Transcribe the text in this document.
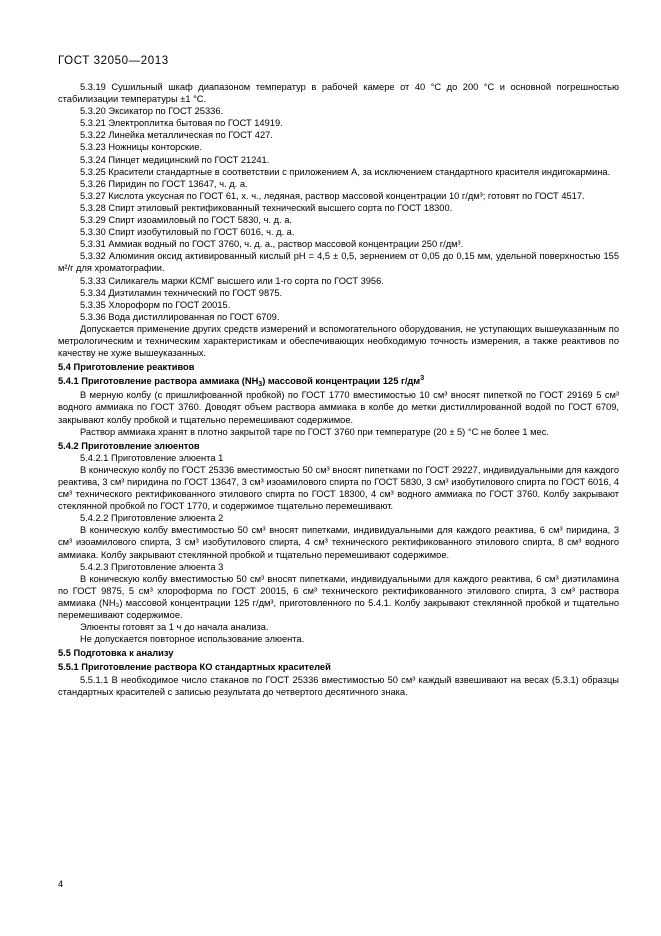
ГОСТ 32050—2013

5.3.19 Сушильный шкаф диапазоном температур в рабочей камере от 40 °С до 200 °С и основной погрешностью стабилизации температуры ±1 °С.

5.3.20 Эксикатор по ГОСТ 25336.

5.3.21 Электроплитка бытовая по ГОСТ 14919.

5.3.22 Линейка металлическая по ГОСТ 427.

5.3.23 Ножницы конторские.

5.3.24 Пинцет медицинский по ГОСТ 21241.

5.3.25 Красители стандартные в соответствии с приложением А, за исключением стандартного красителя индигокармина.

5.3.26 Пиридин по ГОСТ 13647, ч. д. а.

5.3.27 Кислота уксусная по ГОСТ 61, х. ч., ледяная, раствор массовой концентрации 10 г/дм³; готовят по ГОСТ 4517.

5.3.28 Спирт этиловый ректификованный технический высшего сорта по ГОСТ 18300.

5.3.29 Спирт изоамиловый по ГОСТ 5830, ч. д. а.

5.3.30 Спирт изобутиловый по ГОСТ 6016, ч. д. а.

5.3.31 Аммиак водный по ГОСТ 3760, ч. д. а., раствор массовой концентрации 250 г/дм³.

5.3.32 Алюминия оксид активированный кислый pH = 4,5 ± 0,5, зернением от 0,05 до 0,15 мм, удельной поверхностью 155 м²/г для хроматографии.

5.3.33 Силикагель марки КСМГ высшего или 1-го сорта по ГОСТ 3956.

5.3.34 Диэтиламин технический по ГОСТ 9875.

5.3.35 Хлороформ по ГОСТ 20015.

5.3.36 Вода дистиллированная по ГОСТ 6709.

Допускается применение других средств измерений и вспомогательного оборудования, не уступающих вышеуказанным по метрологическим и техническим характеристикам и обеспечивающих необходимую точность измерения, а также реактивов по качеству не хуже вышеуказанных.

5.4 Приготовление реактивов

5.4.1 Приготовление раствора аммиака $(NH_3)$ массовой концентрации 125 $г/дм^3$

В мерную колбу (с пришлифованной пробкой) по ГОСТ 1770 вместимостью 10 см³ вносят пипеткой по ГОСТ 29169 5 см³ водного аммиака по ГОСТ 3760. Доводят объем раствора аммиака в колбе до метки дистиллированной водой по ГОСТ 6709, закрывают колбу пробкой и тщательно перемешивают содержимое.

Раствор аммиака хранят в плотно закрытой таре по ГОСТ 3760 при температуре (20 ± 5) °С не более 1 мес.

5.4.2 Приготовление элюентов

5.4.2.1 Приготовление элюента 1

В коническую колбу по ГОСТ 25336 вместимостью 50 см³ вносят пипетками по ГОСТ 29227, индивидуальными для каждого реактива, 3 см³ пиридина по ГОСТ 13647, 3 см³ изоамилового спирта по ГОСТ 5830, 3 см³ изобутилового спирта по ГОСТ 6016, 4 см³ технического ректификованного этилового спирта по ГОСТ 18300, 4 см³ водного аммиака по ГОСТ 3760. Колбу закрывают стеклянной пробкой по ГОСТ 1770, и содержимое тщательно перемешивают.

5.4.2.2 Приготовление элюента 2

В коническую колбу вместимостью 50 см³ вносят пипетками, индивидуальными для каждого реактива, 6 см³ пиридина, 3 см³ изоамилового спирта, 3 см³ изобутилового спирта, 4 см³ технического ректификованного этилового спирта, 8 см³ водного аммиака. Колбу закрывают стеклянной пробкой и тщательно перемешивают содержимое.

5.4.2.3 Приготовление элюента 3

В коническую колбу вместимостью 50 см³ вносят пипетками, индивидуальными для каждого реактива, 6 см³ диэтиламина по ГОСТ 9875, 5 см³ хлороформа по ГОСТ 20015, 6 см³ технического ректификованного этилового спирта, 3 см³ раствора аммиака (NH₃) массовой концентрации 125 г/дм³, приготовленного по 5.4.1. Колбу закрывают стеклянной пробкой и тщательно перемешивают содержимое.

Элюенты готовят за 1 ч до начала анализа.

Не допускается повторное использование элюента.

5.5 Подготовка к анализу

5.5.1 Приготовление раствора КО стандартных красителей

5.5.1.1 В необходимое число стаканов по ГОСТ 25336 вместимостью 50 см³ каждый взвешивают на весах (5.3.1) образцы стандартных красителей с записью результата до четвертого десятичного знака.

4
